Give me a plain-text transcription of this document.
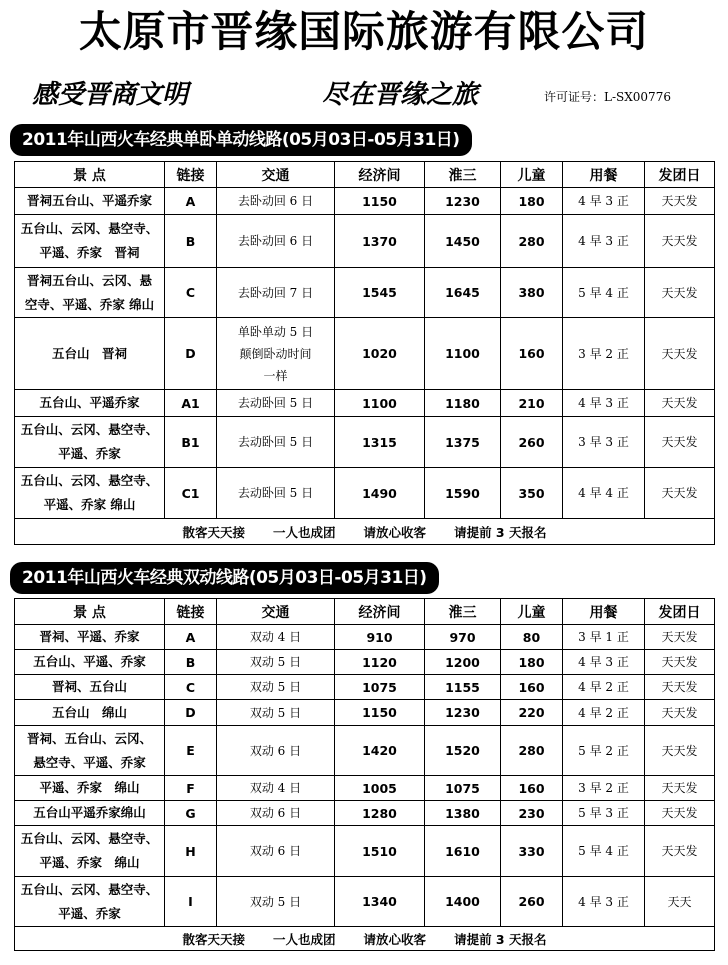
太原市晋缘国际旅游有限公司
感受晋商文明	尽在晋缘之旅	许可证号：L-SX00776
2011年山西火车经典单卧单动线路(05月03日-05月31日)
景 点	链接	交通	经济间	淮三	儿童	用餐	发团日

晋祠五台山、平遥乔家	A	去卧动回 6 日	1150	1230	180	4 早 3 正	天天发

五台山、云冈、悬空寺、
平遥、乔家　晋祠	B	去卧动回 6 日	1370	1450	280	4 早 3 正	天天发

晋祠五台山、云冈、悬
空寺、平遥、乔家 绵山	C	去卧动回 7 日	1545	1645	380	5 早 4 正	天天发

五台山　晋祠	D	单卧单动 5 日
颠倒卧动时间
一样	1020	1100	160	3 早 2 正	天天发

五台山、平遥乔家	A1	去动卧回 5 日	1100	1180	210	4 早 3 正	天天发

五台山、云冈、悬空寺、
平遥、乔家	B1	去动卧回 5 日	1315	1375	260	3 早 3 正	天天发

五台山、云冈、悬空寺、
平遥、乔家 绵山	C1	去动卧回 5 日	1490	1590	350	4 早 4 正	天天发

散客天天接 一人也成团 请放心收客 请提前 3 天报名							
2011年山西火车经典双动线路(05月03日-05月31日)
景 点	链接	交通	经济间	淮三	儿童	用餐	发团日

晋祠、平遥、乔家	A	双动 4 日	910	970	80	3 早 1 正	天天发

五台山、平遥、乔家	B	双动 5 日	1120	1200	180	4 早 3 正	天天发

晋祠、五台山	C	双动 5 日	1075	1155	160	4 早 2 正	天天发

五台山　绵山	D	双动 5 日	1150	1230	220	4 早 2 正	天天发

晋祠、五台山、云冈、
悬空寺、平遥、乔家	E	双动 6 日	1420	1520	280	5 早 2 正	天天发

平遥、乔家　绵山	F	双动 4 日	1005	1075	160	3 早 2 正	天天发

五台山平遥乔家绵山	G	双动 6 日	1280	1380	230	5 早 3 正	天天发

五台山、云冈、悬空寺、
平遥、乔家　绵山	H	双动 6 日	1510	1610	330	5 早 4 正	天天发

五台山、云冈、悬空寺、
平遥、乔家	I	双动 5 日	1340	1400	260	4 早 3 正	天天

散客天天接 一人也成团 请放心收客 请提前 3 天报名							
